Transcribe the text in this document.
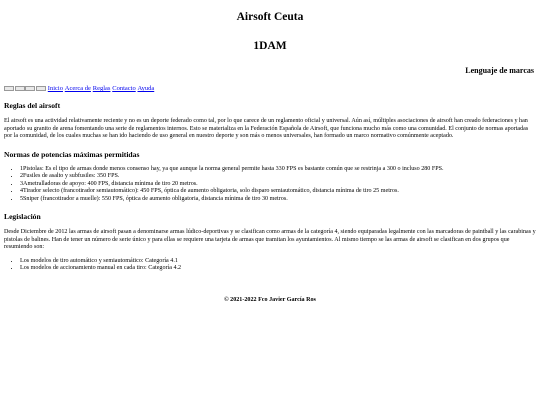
Airsoft Ceuta
1DAM
Lenguaje de marcas
Inicio Acerca de Reglas Contacto Ayuda
Reglas del airsoft

El airsoft es una actividad relativamente reciente y no es un deporte federado como tal, por lo que carece de un reglamento oficial y universal. Aún así, múltiples asociaciones de airsoft han creado federaciones y han aportado su granito de arena fomentando una serie de reglamentos internos. Esto se materializa en la Federación Española de Airsoft, que funciona mucho más como una comunidad. El conjunto de normas aportadas por la comunidad, de los cuales muchas se han ido haciendo de uso general en nuestro deporte y son más o menos universales, han formado un marco normativo comúnmente aceptado.

Normas de potencias máximas permitidas
• 1Pistolas: Es el tipo de armas donde menos consenso hay, ya que aunque la norma general permite hasta 330 FPS es bastante común que se restrinja a 300 o incluso 280 FPS.
• 2Fusiles de asalto y subfusiles: 350 FPS.
• 3Ametralladoras de apoyo: 400 FPS, distancia mínima de tiro 20 metros.
• 4Tirador selecto (francotirador semiautomático): 450 FPS, óptica de aumento obligatoria, solo disparo semiautomático, distancia mínima de tiro 25 metros.
• 5Sniper (francotirador a muelle): 550 FPS, óptica de aumento obligatoria, distancia mínima de tiro 30 metros.
Legislación

Desde Diciembre de 2012 las armas de airsoft pasan a denominarse armas lúdico-deportivas y se clasifican como armas de la categoría 4, siendo equiparadas legalmente con las marcadoras de paintball y las carabinas y pistolas de balines. Han de tener un número de serie único y para ellas se requiere una tarjeta de armas que tramitan los ayuntamientos. Al mismo tiempo se las armas de airsoft se clasifican en dos grupos que resumiendo son:

• Los modelos de tiro automático y semiautomático: Categoría 4.1
• Los modelos de accionamiento manual en cada tiro: Categoría 4.2
© 2021-2022 Fco Javier García Ros
